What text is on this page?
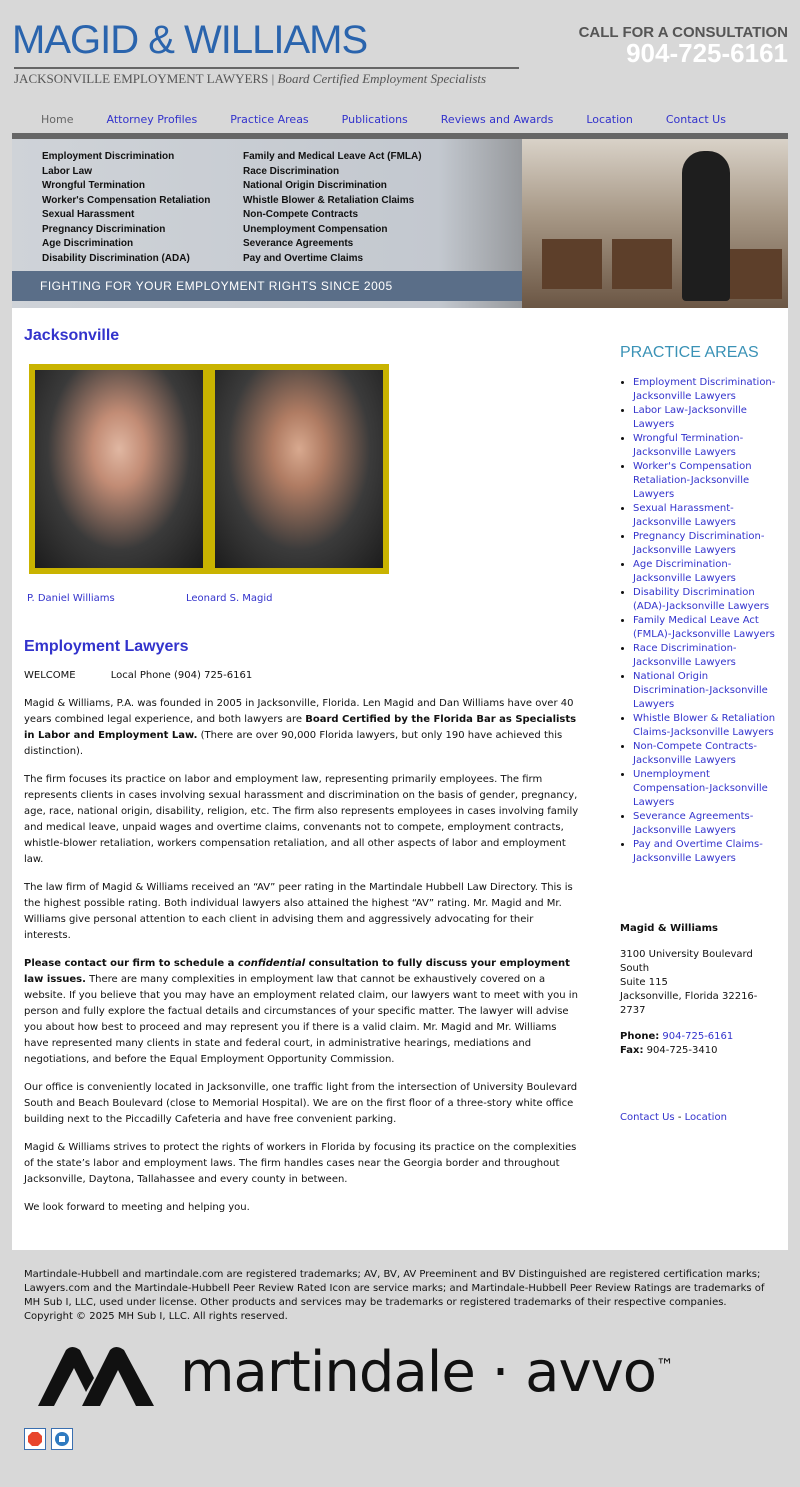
MAGID & WILLIAMS
JACKSONVILLE EMPLOYMENT LAWYERS | Board Certified Employment Specialists
CALL FOR A CONSULTATION
904-725-6161
Home	Attorney Profiles	Practice Areas	Publications	Reviews and Awards	Location	Contact Us
Employment Discrimination
Labor Law
Wrongful Termination
Worker's Compensation Retaliation
Sexual Harassment
Pregnancy Discrimination
Age Discrimination
Disability Discrimination (ADA)
Family and Medical Leave Act (FMLA)
Race Discrimination
National Origin Discrimination
Whistle Blower & Retaliation Claims
Non-Compete Contracts
Unemployment Compensation
Severance Agreements
Pay and Overtime Claims
FIGHTING FOR YOUR EMPLOYMENT RIGHTS SINCE 2005
Jacksonville
P. Daniel Williams	Leonard S. Magid
Employment Lawyers

WELCOME	Local Phone (904) 725-6161

Magid & Williams, P.A. was founded in 2005 in Jacksonville, Florida. Len Magid and Dan Williams have over 40 years combined legal experience, and both lawyers are Board Certified by the Florida Bar as Specialists in Labor and Employment Law. (There are over 90,000 Florida lawyers, but only 190 have achieved this distinction).

The firm focuses its practice on labor and employment law, representing primarily employees. The firm represents clients in cases involving sexual harassment and discrimination on the basis of gender, pregnancy, age, race, national origin, disability, religion, etc. The firm also represents employees in cases involving family and medical leave, unpaid wages and overtime claims, convenants not to compete, employment contracts, whistle-blower retaliation, workers compensation retaliation, and all other aspects of labor and employment law.

The law firm of Magid & Williams received an “AV” peer rating in the Martindale Hubbell Law Directory. This is the highest possible rating. Both individual lawyers also attained the highest “AV” rating. Mr. Magid and Mr. Williams give personal attention to each client in advising them and aggressively advocating for their interests.

Please contact our firm to schedule a confidential consultation to fully discuss your employment law issues. There are many complexities in employment law that cannot be exhaustively covered on a website. If you believe that you may have an employment related claim, our lawyers want to meet with you in person and fully explore the factual details and circumstances of your specific matter. The lawyer will advise you about how best to proceed and may represent you if there is a valid claim. Mr. Magid and Mr. Williams have represented many clients in state and federal court, in administrative hearings, mediations and negotiations, and before the Equal Employment Opportunity Commission.

Our office is conveniently located in Jacksonville, one traffic light from the intersection of University Boulevard South and Beach Boulevard (close to Memorial Hospital). We are on the first floor of a three-story white office building next to the Piccadilly Cafeteria and have free convenient parking.

Magid & Williams strives to protect the rights of workers in Florida by focusing its practice on the complexities of the state’s labor and employment laws. The firm handles cases near the Georgia border and throughout Jacksonville, Daytona, Tallahassee and every county in between.

We look forward to meeting and helping you.

PRACTICE AREAS
• Employment Discrimination-Jacksonville Lawyers
• Labor Law-Jacksonville Lawyers
• Wrongful Termination-Jacksonville Lawyers
• Worker's Compensation Retaliation-Jacksonville Lawyers
• Sexual Harassment-Jacksonville Lawyers
• Pregnancy Discrimination-Jacksonville Lawyers
• Age Discrimination-Jacksonville Lawyers
• Disability Discrimination (ADA)-Jacksonville Lawyers
• Family Medical Leave Act (FMLA)-Jacksonville Lawyers
• Race Discrimination-Jacksonville Lawyers
• National Origin Discrimination-Jacksonville Lawyers
• Whistle Blower & Retaliation Claims-Jacksonville Lawyers
• Non-Compete Contracts-Jacksonville Lawyers
• Unemployment Compensation-Jacksonville Lawyers
• Severance Agreements-Jacksonville Lawyers
• Pay and Overtime Claims-Jacksonville Lawyers
Magid & Williams
3100 University Boulevard South
Suite 115
Jacksonville, Florida 32216-2737
Phone: 904-725-6161
Fax: 904-725-3410
Contact Us - Location
Martindale-Hubbell and martindale.com are registered trademarks; AV, BV, AV Preeminent and BV Distinguished are registered certification marks; Lawyers.com and the Martindale-Hubbell Peer Review Rated Icon are service marks; and Martindale-Hubbell Peer Review Ratings are trademarks of MH Sub I, LLC, used under license. Other products and services may be trademarks or registered trademarks of their respective companies. Copyright © 2025 MH Sub I, LLC. All rights reserved.
martindale · avvo™
